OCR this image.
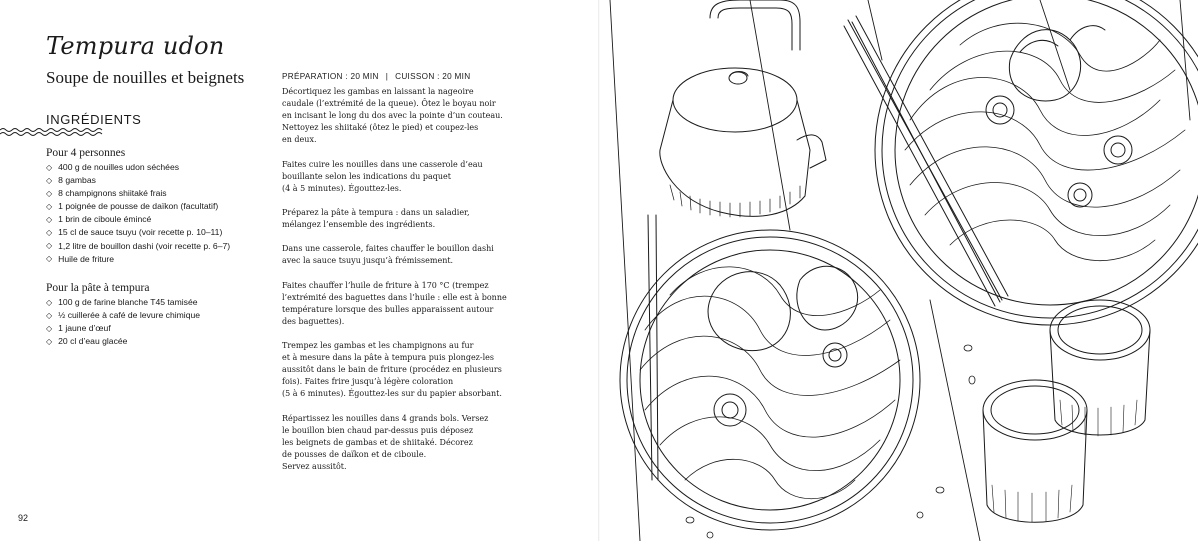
Tempura udon
Soupe de nouilles et beignets
INGRÉDIENTS
Pour 4 personnes
◇ 400 g de nouilles udon séchées
◇ 8 gambas
◇ 8 champignons shiitaké frais
◇ 1 poignée de pousse de daïkon (facultatif)
◇ 1 brin de ciboule émincé
◇ 15 cl de sauce tsuyu (voir recette p. 10–11)
◇ 1,2 litre de bouillon dashi (voir recette p. 6–7)
◇ Huile de friture
Pour la pâte à tempura
◇ 100 g de farine blanche T45 tamisée
◇ ½ cuillerée à café de levure chimique
◇ 1 jaune d’œuf
◇ 20 cl d’eau glacée
92
PRÉPARATION : 20 MIN | CUISSON : 20 MIN

Décortiquez les gambas en laissant la nageoire
caudale (l’extrémité de la queue). Ôtez le boyau noir
en incisant le long du dos avec la pointe d’un couteau.
Nettoyez les shiitaké (ôtez le pied) et coupez-les
en deux.

Faites cuire les nouilles dans une casserole d’eau
bouillante selon les indications du paquet
(4 à 5 minutes). Égouttez-les.

Préparez la pâte à tempura : dans un saladier,
mélangez l’ensemble des ingrédients.

Dans une casserole, faites chauffer le bouillon dashi
avec la sauce tsuyu jusqu’à frémissement.

Faites chauffer l’huile de friture à 170 °C (trempez
l’extrémité des baguettes dans l’huile : elle est à bonne
température lorsque des bulles apparaissent autour
des baguettes).

Trempez les gambas et les champignons au fur
et à mesure dans la pâte à tempura puis plongez-les
aussitôt dans le bain de friture (procédez en plusieurs
fois). Faites frire jusqu’à légère coloration
(5 à 6 minutes). Égouttez-les sur du papier absorbant.

Répartissez les nouilles dans 4 grands bols. Versez
le bouillon bien chaud par-dessus puis déposez
les beignets de gambas et de shiitaké. Décorez
de pousses de daïkon et de ciboule.
Servez aussitôt.
